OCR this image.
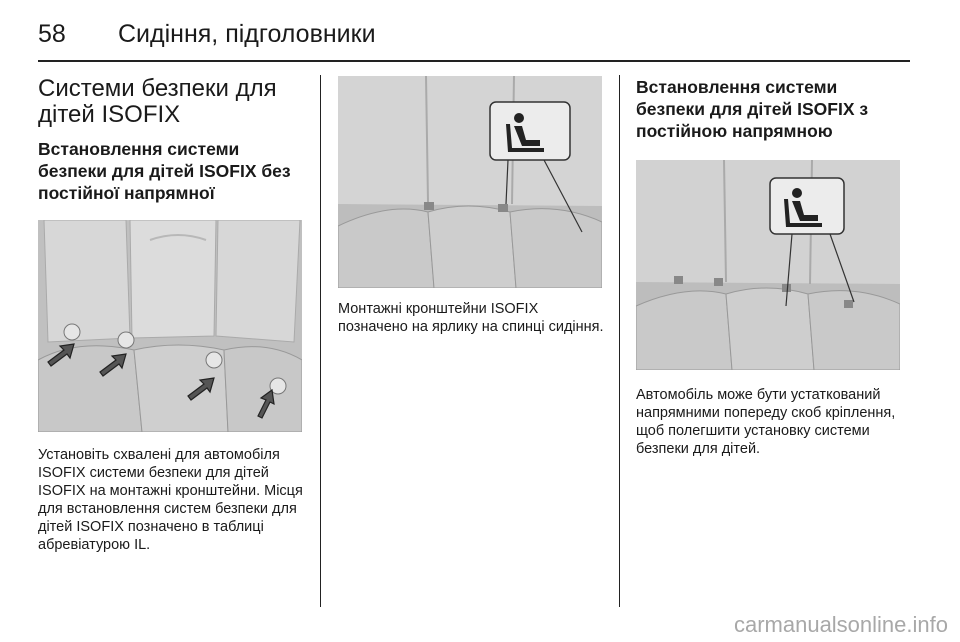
58 Сидіння, підголовники
Системи безпеки для дітей ISOFIX
Встановлення системи безпеки для дітей ISOFIX без постійної напрямної

Установіть схвалені для автомобіля ISOFIX системи безпеки для дітей ISOFIX на монтажні кронштейни. Місця для встановлення систем безпеки для дітей ISOFIX позначено в таблиці абревіатурою IL.

Монтажні кронштейни ISOFIX позначено на ярлику на спинці сидіння.

Встановлення системи безпеки для дітей ISOFIX з постійною напрямною

Автомобіль може бути устаткований напрямними попереду скоб кріплення, щоб полегшити установку системи безпеки для дітей.

carmanualsonline.info
